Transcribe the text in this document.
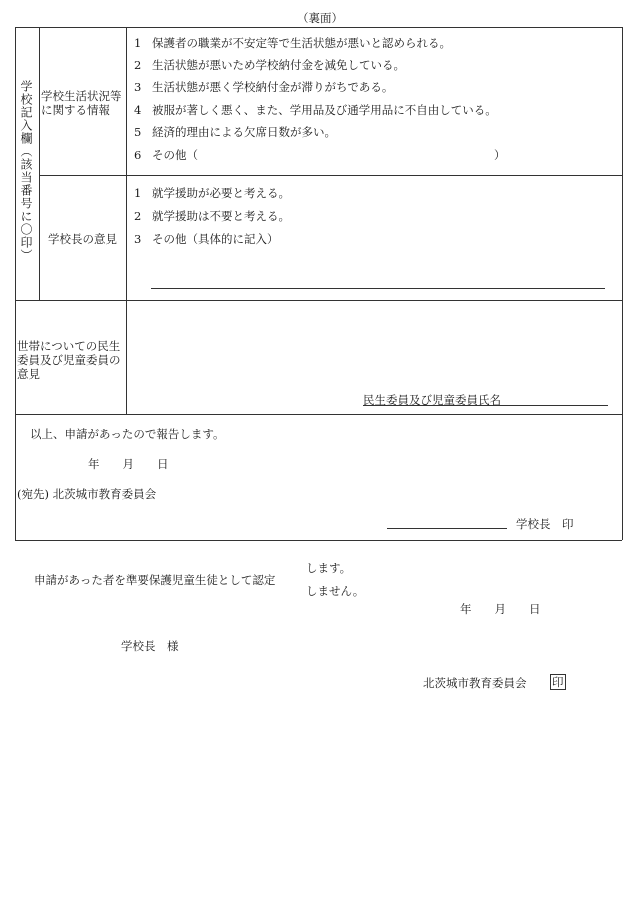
（裏面）
学校記入欄
（該当番号に〇印）
学校生活状況等
に関する情報
1 保護者の職業が不安定等で生活状態が悪いと認められる。
2 生活状態が悪いため学校納付金を減免している。
3 生活状態が悪く学校納付金が滞りがちである。
4 被服が著しく悪く、また、学用品及び通学用品に不自由している。
5 経済的理由による欠席日数が多い。
6 その他（	）
学校長の意見
1 就学援助が必要と考える。
2 就学援助は不要と考える。
3 その他（具体的に記入）
世帯についての民生
委員及び児童委員の
意見
民生委員及び児童委員氏名
以上、申請があったので報告します。
年　　月　　日
(宛先) 北茨城市教育委員会
学校長　印
申請があった者を準要保護児童生徒として認定
します。
しません。
年　　月　　日
学校長　様
北茨城市教育委員会 印
